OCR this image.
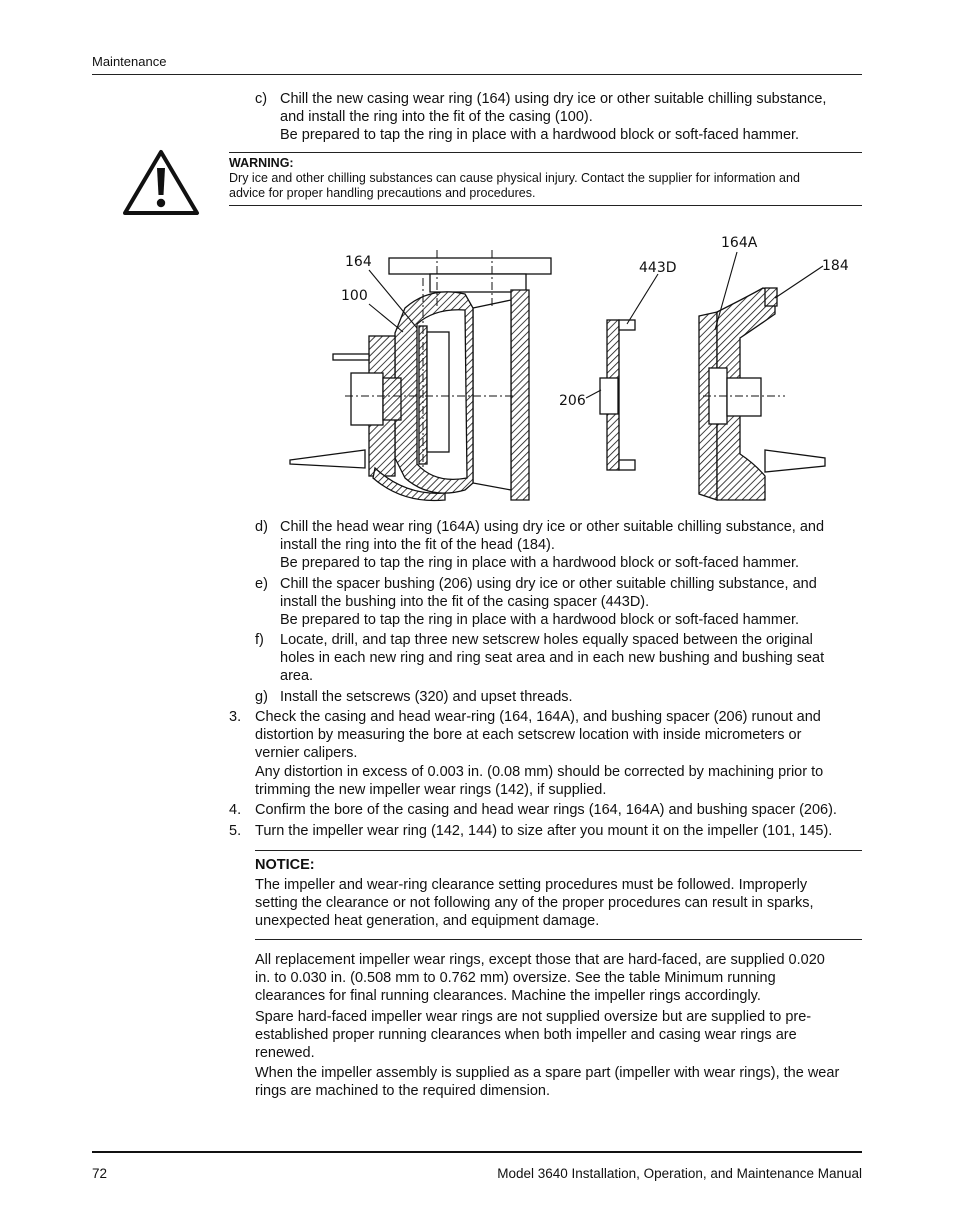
Maintenance
c) Chill the new casing wear ring (164) using dry ice or other suitable chilling substance,
and install the ring into the fit of the casing (100).
Be prepared to tap the ring in place with a hardwood block or soft-faced hammer.
WARNING:
Dry ice and other chilling substances can cause physical injury. Contact the supplier for information and
advice for proper handling precautions and procedures.
164
100
443D
206
164A
184
d) Chill the head wear ring (164A) using dry ice or other suitable chilling substance, and
install the ring into the fit of the head (184).
Be prepared to tap the ring in place with a hardwood block or soft-faced hammer.
e) Chill the spacer bushing (206) using dry ice or other suitable chilling substance, and
install the bushing into the fit of the casing spacer (443D).
Be prepared to tap the ring in place with a hardwood block or soft-faced hammer.
f) Locate, drill, and tap three new setscrew holes equally spaced between the original
holes in each new ring and ring seat area and in each new bushing and bushing seat
area.
g) Install the setscrews (320) and upset threads.
3. Check the casing and head wear-ring (164, 164A), and bushing spacer (206) runout and
distortion by measuring the bore at each setscrew location with inside micrometers or
vernier calipers.
Any distortion in excess of 0.003 in. (0.08 mm) should be corrected by machining prior to
trimming the new impeller wear rings (142), if supplied.
4. Confirm the bore of the casing and head wear rings (164, 164A) and bushing spacer (206).
5. Turn the impeller wear ring (142, 144) to size after you mount it on the impeller (101, 145).
NOTICE:
The impeller and wear-ring clearance setting procedures must be followed. Improperly
setting the clearance or not following any of the proper procedures can result in sparks,
unexpected heat generation, and equipment damage.
All replacement impeller wear rings, except those that are hard-faced, are supplied 0.020
in. to 0.030 in. (0.508 mm to 0.762 mm) oversize. See the table Minimum running
clearances for final running clearances. Machine the impeller rings accordingly.
Spare hard-faced impeller wear rings are not supplied oversize but are supplied to pre-
established proper running clearances when both impeller and casing wear rings are
renewed.
When the impeller assembly is supplied as a spare part (impeller with wear rings), the wear
rings are machined to the required dimension.
72	Model 3640 Installation, Operation, and Maintenance Manual
